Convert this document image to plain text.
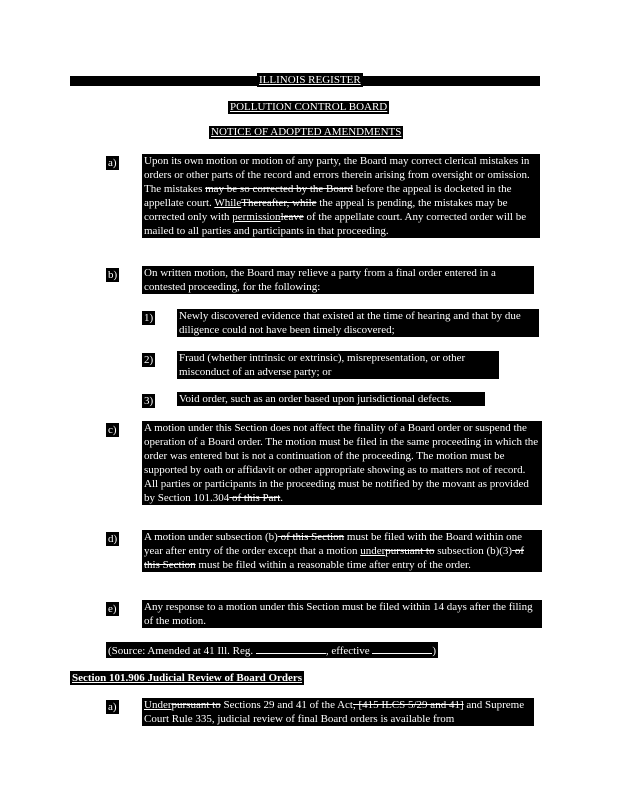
ILLINOIS REGISTER
POLLUTION CONTROL BOARD
NOTICE OF ADOPTED AMENDMENTS
a) Upon its own motion or motion of any party, the Board may correct clerical mistakes in orders or other parts of the record and errors therein arising from oversight or omission. The mistakes may be so corrected by the Board before the appeal is docketed in the appellate court. WhileThereafter, while the appeal is pending, the mistakes may be corrected only with permissionleave of the appellate court. Any corrected order will be mailed to all parties and participants in that proceeding.
b) On written motion, the Board may relieve a party from a final order entered in a contested proceeding, for the following:
1) Newly discovered evidence that existed at the time of hearing and that by due diligence could not have been timely discovered;
2) Fraud (whether intrinsic or extrinsic), misrepresentation, or other misconduct of an adverse party; or
3) Void order, such as an order based upon jurisdictional defects.
c) A motion under this Section does not affect the finality of a Board order or suspend the operation of a Board order. The motion must be filed in the same proceeding in which the order was entered but is not a continuation of the proceeding. The motion must be supported by oath or affidavit or other appropriate showing as to matters not of record. All parties or participants in the proceeding must be notified by the movant as provided by Section 101.304 of this Part.
d) A motion under subsection (b) of this Section must be filed with the Board within one year after entry of the order except that a motion underpursuant to subsection (b)(3) of this Section must be filed within a reasonable time after entry of the order.
e) Any response to a motion under this Section must be filed within 14 days after the filing of the motion.
(Source: Amended at 41 Ill. Reg.	, effective	)
Section 101.906 Judicial Review of Board Orders
a) Underpursuant to Sections 29 and 41 of the Act, [415 ILCS 5/29 and 41] and Supreme Court Rule 335, judicial review of final Board orders is available from
